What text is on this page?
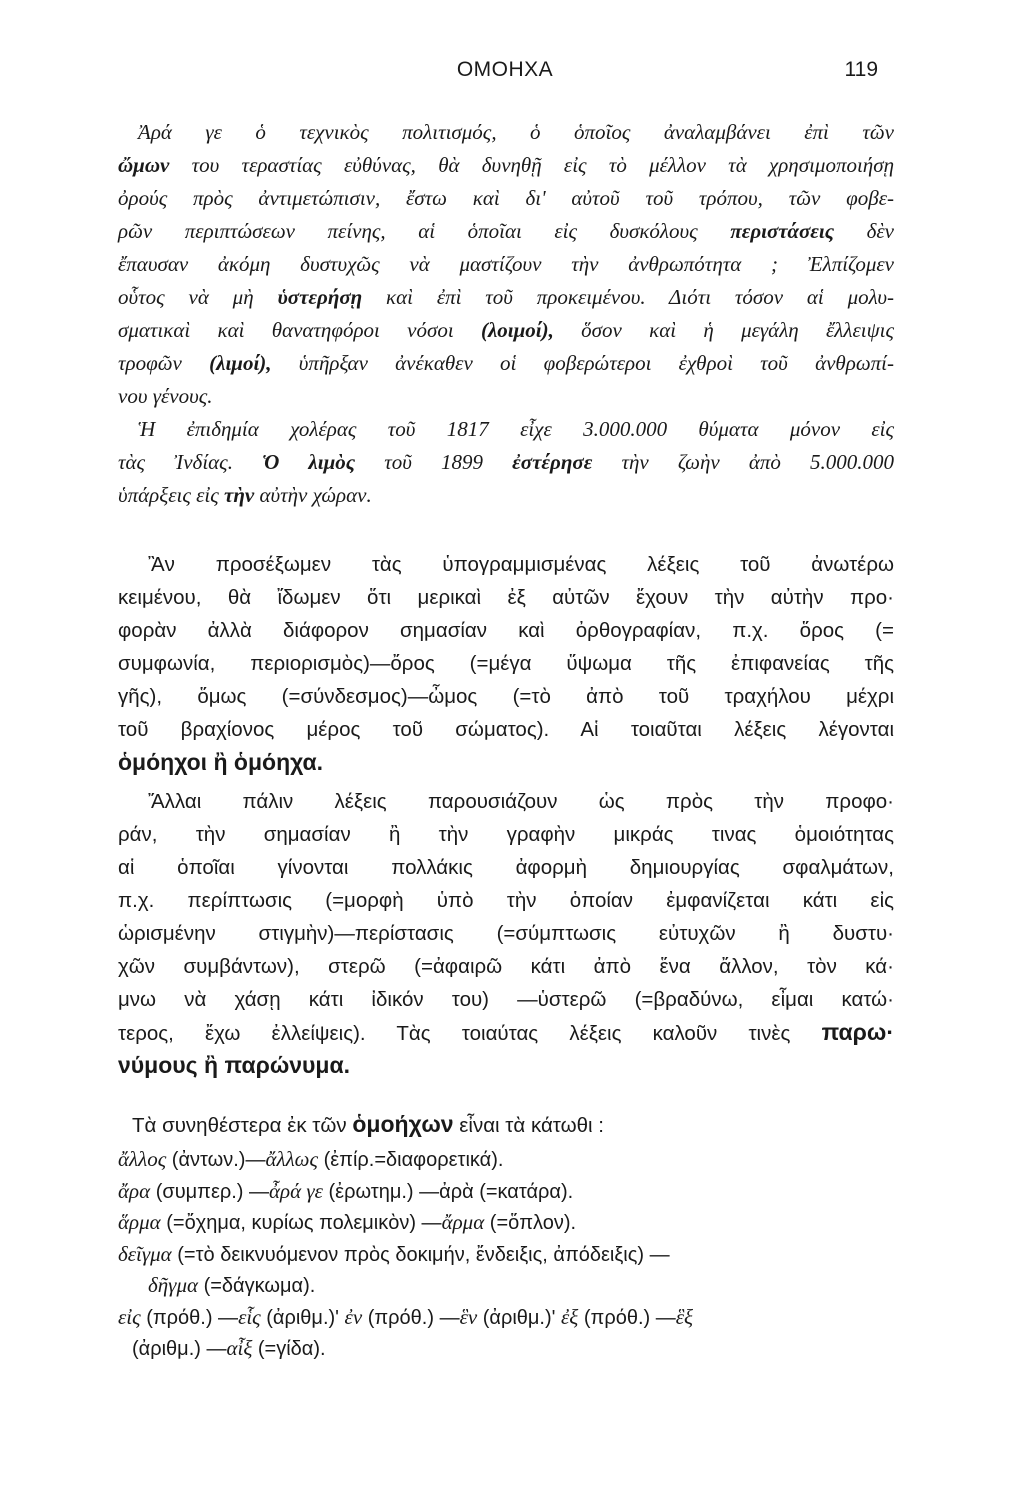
ΟΜΟΗΧΑ	119
Ἀρά γε ὁ τεχνικὸς πολιτισμός, ὁ ὁποῖος ἀναλαμβάνει ἐπὶ τῶν
ὤμων του τεραστίας εὐθύνας, θὰ δυνηθῇ εἰς τὸ μέλλον τὰ χρησιμοποιήσῃ
ὀρούς πρὸς ἀντιμετώπισιν, ἔστω καὶ δι' αὐτοῦ τοῦ τρόπου, τῶν φοβε-
ρῶν περιπτώσεων πείνης, αἱ ὁποῖαι εἰς δυσκόλους περιστάσεις δὲν
ἔπαυσαν ἀκόμη δυστυχῶς νὰ μαστίζουν τὴν ἀνθρωπότητα ; Ἐλπίζομεν
οὗτος νὰ μὴ ὑστερήσῃ καὶ ἐπὶ τοῦ προκειμένου. Διότι τόσον αἱ μολυ-
σματικαὶ καὶ θανατηφόροι νόσοι (λοιμοί), ὅσον καὶ ἡ μεγάλη ἔλλειψις
τροφῶν (λιμοί), ὑπῆρξαν ἀνέκαθεν οἱ φοβερώτεροι ἐχθροὶ τοῦ ἀνθρωπί-
νου γένους.
Ἡ ἐπιδημία χολέρας τοῦ 1817 εἶχε 3.000.000 θύματα μόνον εἰς
τὰς Ἰνδίας. Ὁ λιμὸς τοῦ 1899 ἐστέρησε τὴν ζωὴν ἀπὸ 5.000.000
ὑπάρξεις εἰς τὴν αὐτὴν χώραν.
Ἂν προσέξωμεν τὰς ὑπογραμμισμένας λέξεις τοῦ ἀνωτέρω
κειμένου, θὰ ἴδωμεν ὅτι μερικαὶ ἐξ αὐτῶν ἔχουν τὴν αὐτὴν προ·
φορὰν ἀλλὰ διάφορον σημασίαν καὶ ὀρθογραφίαν, π.χ. ὅρος (=
συμφωνία, περιορισμὸς)—ὄρος (=μέγα ὕψωμα τῆς ἐπιφανείας τῆς
γῆς), ὅμως (=σύνδεσμος)—ὦμος (=τὸ ἀπὸ τοῦ τραχήλου μέχρι
τοῦ βραχίονος μέρος τοῦ σώματος). Αἱ τοιαῦται λέξεις λέγονται
ὁμόηχοι ἢ ὁμόηχα.
Ἄλλαι πάλιν λέξεις παρουσιάζουν ὡς πρὸς τὴν προφο·
ράν, τὴν σημασίαν ἢ τὴν γραφὴν μικράς τινας ὁμοιότητας
αἱ ὁποῖαι γίνονται πολλάκις ἀφορμὴ δημιουργίας σφαλμάτων,
π.χ. περίπτωσις (=μορφὴ ὑπὸ τὴν ὁποίαν ἐμφανίζεται κάτι εἰς
ὡρισμένην στιγμὴν)—περίστασις (=σύμπτωσις εὐτυχῶν ἢ δυστυ·
χῶν συμβάντων), στερῶ (=ἀφαιρῶ κάτι ἀπὸ ἕνα ἄλλον, τὸν κά·
μνω νὰ χάσῃ κάτι ἰδικόν του) —ὑστερῶ (=βραδύνω, εἶμαι κατώ·
τερος, ἔχω ἐλλείψεις). Τὰς τοιαύτας λέξεις καλοῦν τινὲς παρω·
νύμους ἢ παρώνυμα.
Τὰ συνηθέστερα ἐκ τῶν ὁμοήχων εἶναι τὰ κάτωθι :
ἄλλος (ἀντων.)—ἄλλως (ἐπίρ.=διαφορετικά).
ἄρα (συμπερ.) —ἆρά γε (ἐρωτημ.) —ἀρὰ (=κατάρα).
ἅρμα (=ὄχημα, κυρίως πολεμικὸν) —ἄρμα (=ὅπλον).
δεῖγμα (=τὸ δεικνυόμενον πρὸς δοκιμήν, ἔνδειξις, ἀπόδειξις) —
δῆγμα (=δάγκωμα).
εἰς (πρόθ.) —εἷς (ἀριθμ.)' ἐν (πρόθ.) —ἓν (ἀριθμ.)' ἐξ (πρόθ.) —ἓξ
(ἀριθμ.) —αἶξ (=γίδα).
